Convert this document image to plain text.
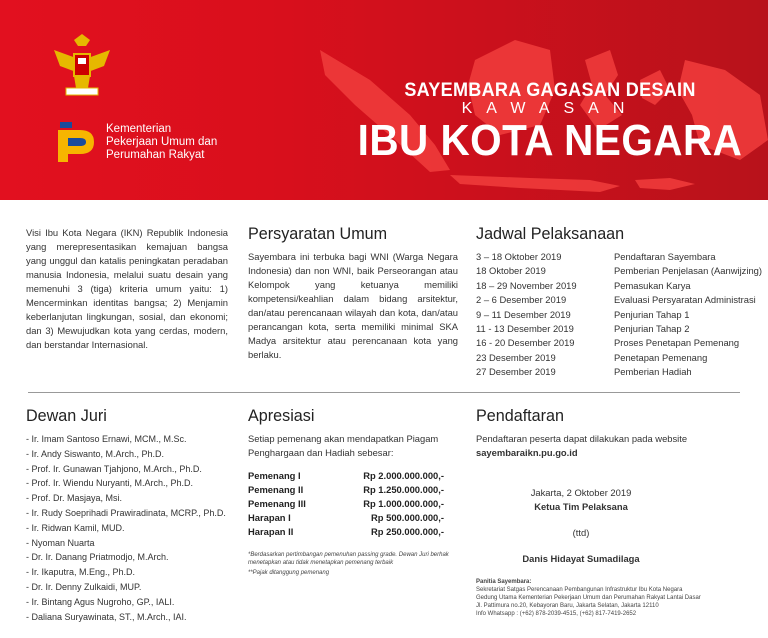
Kementerian
Pekerjaan Umum dan
Perumahan Rakyat
SAYEMBARA GAGASAN DESAIN
KAWASAN
IBU KOTA NEGARA
Visi Ibu Kota Negara (IKN) Republik Indonesia yang merepresentasikan kemajuan bangsa yang unggul dan katalis peningkatan peradaban manusia Indonesia, melalui suatu desain yang memenuhi 3 (tiga) kriteria umum yaitu: 1) Mencerminkan identitas bangsa; 2) Menjamin keberlanjutan lingkungan, sosial, dan ekonomi; dan 3) Mewujudkan kota yang cerdas, modern, dan berstandar Internasional.
Persyaratan Umum
Sayembara ini terbuka bagi WNI (Warga Negara Indonesia) dan non WNI, baik Perseorangan atau Kelompok yang ketuanya memiliki kompetensi/keahlian dalam bidang arsitektur, dan/atau perencanaan wilayah dan kota, dan/atau perancangan kota, serta memiliki minimal SKA Madya arsitektur atau perencanaan kota yang berlaku.
Jadwal Pelaksanaan
3 – 18 Oktober 2019	Pendaftaran Sayembara
18 Oktober 2019	Pemberian Penjelasan (Aanwijzing)
18 – 29 November 2019	Pemasukan Karya
2 – 6 Desember 2019	Evaluasi Persyaratan Administrasi
9 – 11 Desember 2019	Penjurian Tahap 1
11 - 13 Desember 2019	Penjurian Tahap 2
16 - 20 Desember 2019	Proses Penetapan Pemenang
23 Desember 2019	Penetapan Pemenang
27 Desember 2019	Pemberian Hadiah
Dewan Juri
- Ir. Imam Santoso Ernawi, MCM., M.Sc.
- Ir. Andy Siswanto, M.Arch., Ph.D.
- Prof. Ir. Gunawan Tjahjono, M.Arch., Ph.D.
- Prof. Ir. Wiendu Nuryanti, M.Arch., Ph.D.
- Prof. Dr. Masjaya, Msi.
- Ir. Rudy Soeprihadi Prawiradinata, MCRP., Ph.D.
- Ir. Ridwan Kamil, MUD.
- Nyoman Nuarta
- Dr. Ir. Danang Priatmodjo, M.Arch.
- Ir. Ikaputra, M.Eng., Ph.D.
- Dr. Ir. Denny Zulkaidi, MUP.
- Ir. Bintang Agus Nugroho, GP., IALI.
- Daliana Suryawinata, ST., M.Arch., IAI.
Apresiasi
Setiap pemenang akan mendapatkan Piagam Penghargaan dan Hadiah sebesar:
Pemenang I	Rp 2.000.000.000,-
Pemenang II	Rp 1.250.000.000,-
Pemenang III	Rp 1.000.000.000,-
Harapan I	Rp 500.000.000,-
Harapan II	Rp 250.000.000,-
*Berdasarkan pertimbangan pemenuhan passing grade. Dewan Juri berhak menetapkan atau tidak menetapkan pemenang terbaik
**Pajak ditanggung pemenang
Pendaftaran
Pendaftaran peserta dapat dilakukan pada website
sayembaraikn.pu.go.id
Jakarta, 2 Oktober 2019
Ketua Tim Pelaksana
(ttd)
Danis Hidayat Sumadilaga
Panitia Sayembara:
Sekretariat Satgas Perencanaan Pembangunan Infrastruktur Ibu Kota Negara
Gedung Utama Kementerian Pekerjaan Umum dan Perumahan Rakyat Lantai Dasar
Jl. Pattimura no.20, Kebayoran Baru, Jakarta Selatan, Jakarta 12110
Info Whatsapp : (+62) 878-2039-4515, (+62) 817-7419-2652
